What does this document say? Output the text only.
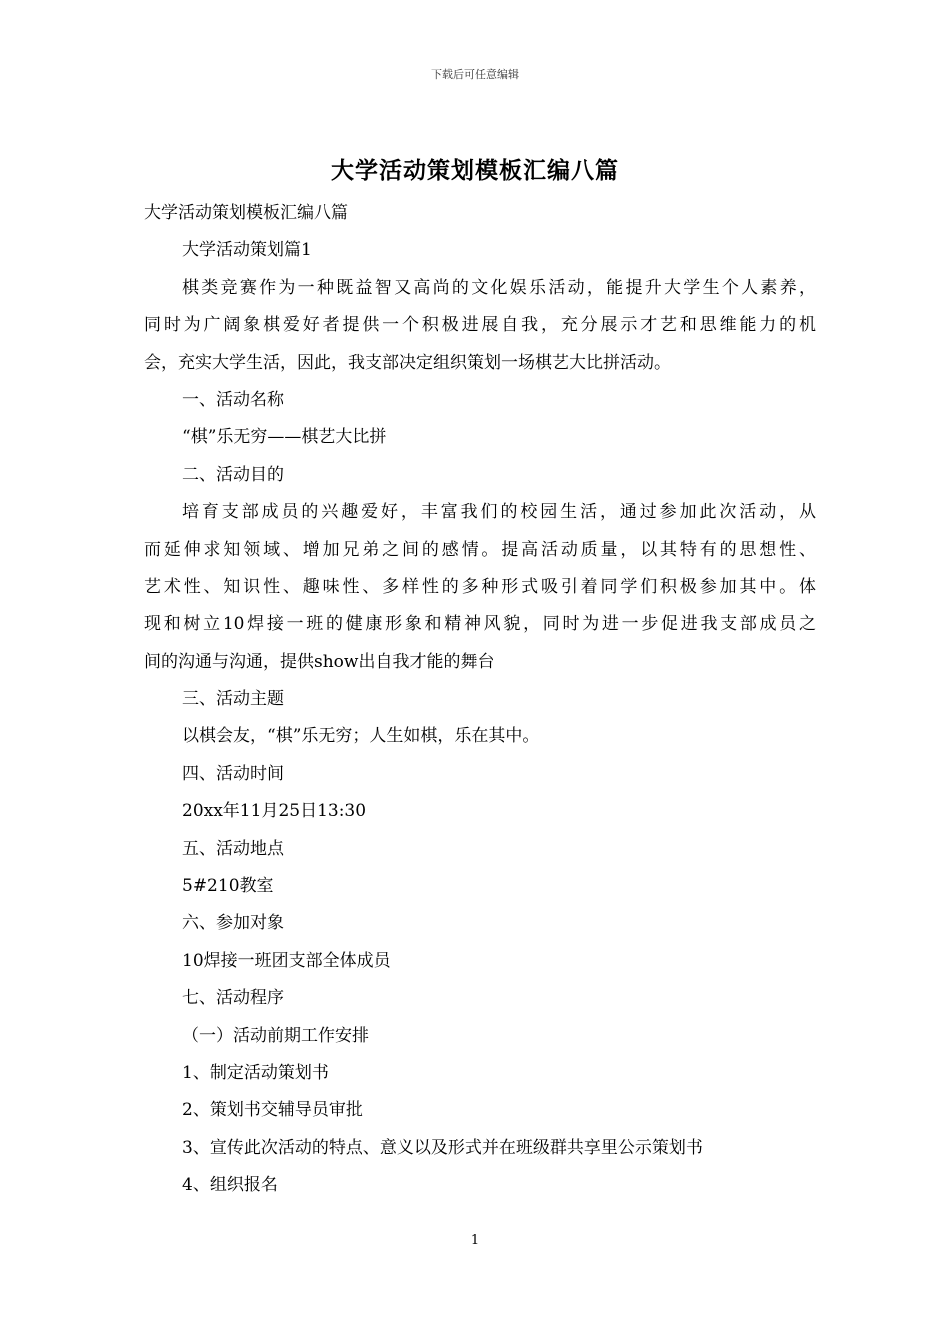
下载后可任意编辑
大学活动策划模板汇编八篇
大学活动策划模板汇编八篇
大学活动策划篇1
棋类竞赛作为一种既益智又高尚的文化娱乐活动，能提升大学生个人素养，
同时为广阔象棋爱好者提供一个积极进展自我，充分展示才艺和思维能力的机
会，充实大学生活，因此，我支部决定组织策划一场棋艺大比拼活动。
一、活动名称
“棋”乐无穷——棋艺大比拼
二、活动目的
培育支部成员的兴趣爱好，丰富我们的校园生活，通过参加此次活动，从
而延伸求知领域、增加兄弟之间的感情。提高活动质量，以其特有的思想性、
艺术性、知识性、趣味性、多样性的多种形式吸引着同学们积极参加其中。体
现和树立10焊接一班的健康形象和精神风貌，同时为进一步促进我支部成员之
间的沟通与沟通，提供show出自我才能的舞台
三、活动主题
以棋会友，“棋”乐无穷；人生如棋，乐在其中。
四、活动时间
20xx年11月25日13:30
五、活动地点
5#210教室
六、参加对象
10焊接一班团支部全体成员
七、活动程序
（一）活动前期工作安排
1、制定活动策划书
2、策划书交辅导员审批
3、宣传此次活动的特点、意义以及形式并在班级群共享里公示策划书
4、组织报名
1
